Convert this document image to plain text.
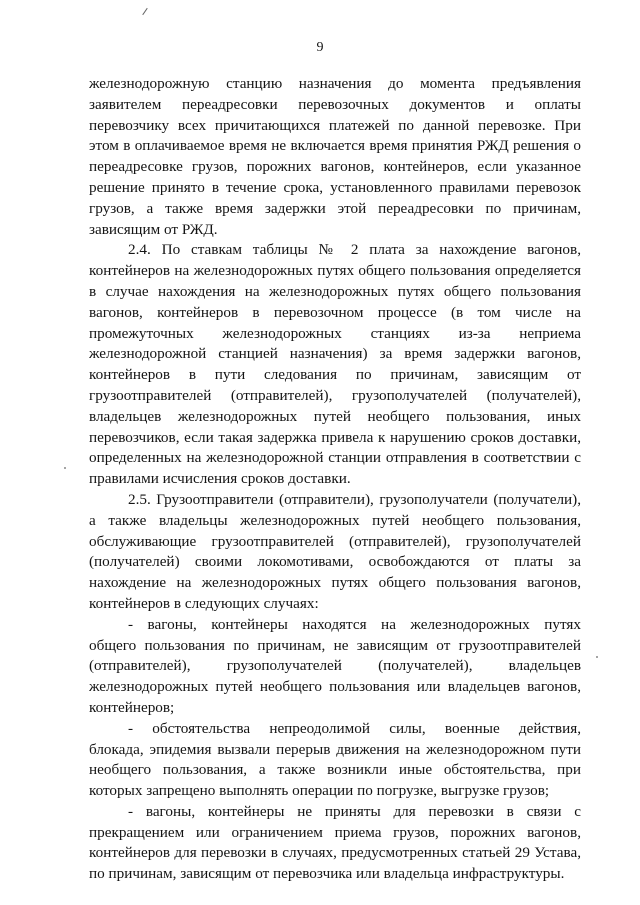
9

железнодорожную станцию назначения до момента предъявления
заявителем переадресовки перевозочных документов и оплаты
перевозчику всех причитающихся платежей по данной перевозке. При
этом в оплачиваемое время не включается время принятия РЖД решения о
переадресовке грузов, порожних вагонов, контейнеров, если указанное
решение принято в течение срока, установленного правилами перевозок
грузов, а также время задержки этой переадресовки по причинам,
зависящим от РЖД.

2.4. По ставкам таблицы № 2 плата за нахождение вагонов,
контейнеров на железнодорожных путях общего пользования определяется
в случае нахождения на железнодорожных путях общего пользования
вагонов, контейнеров в перевозочном процессе (в том числе на
промежуточных железнодорожных станциях из-за неприема
железнодорожной станцией назначения) за время задержки вагонов,
контейнеров в пути следования по причинам, зависящим от
грузоотправителей (отправителей), грузополучателей (получателей),
владельцев железнодорожных путей необщего пользования, иных
перевозчиков, если такая задержка привела к нарушению сроков доставки,
определенных на железнодорожной станции отправления в соответствии с
правилами исчисления сроков доставки.

2.5. Грузоотправители (отправители), грузополучатели (получатели),
а также владельцы железнодорожных путей необщего пользования,
обслуживающие грузоотправителей (отправителей), грузополучателей
(получателей) своими локомотивами, освобождаются от платы за
нахождение на железнодорожных путях общего пользования вагонов,
контейнеров в следующих случаях:

- вагоны, контейнеры находятся на железнодорожных путях
общего пользования по причинам, не зависящим от грузоотправителей
(отправителей), грузополучателей (получателей), владельцев
железнодорожных путей необщего пользования или владельцев вагонов,
контейнеров;

- обстоятельства непреодолимой силы, военные действия,
блокада, эпидемия вызвали перерыв движения на железнодорожном пути
необщего пользования, а также возникли иные обстоятельства, при
которых запрещено выполнять операции по погрузке, выгрузке грузов;

- вагоны, контейнеры не приняты для перевозки в связи с
прекращением или ограничением приема грузов, порожних вагонов,
контейнеров для перевозки в случаях, предусмотренных статьей 29 Устава,
по причинам, зависящим от перевозчика или владельца инфраструктуры.
